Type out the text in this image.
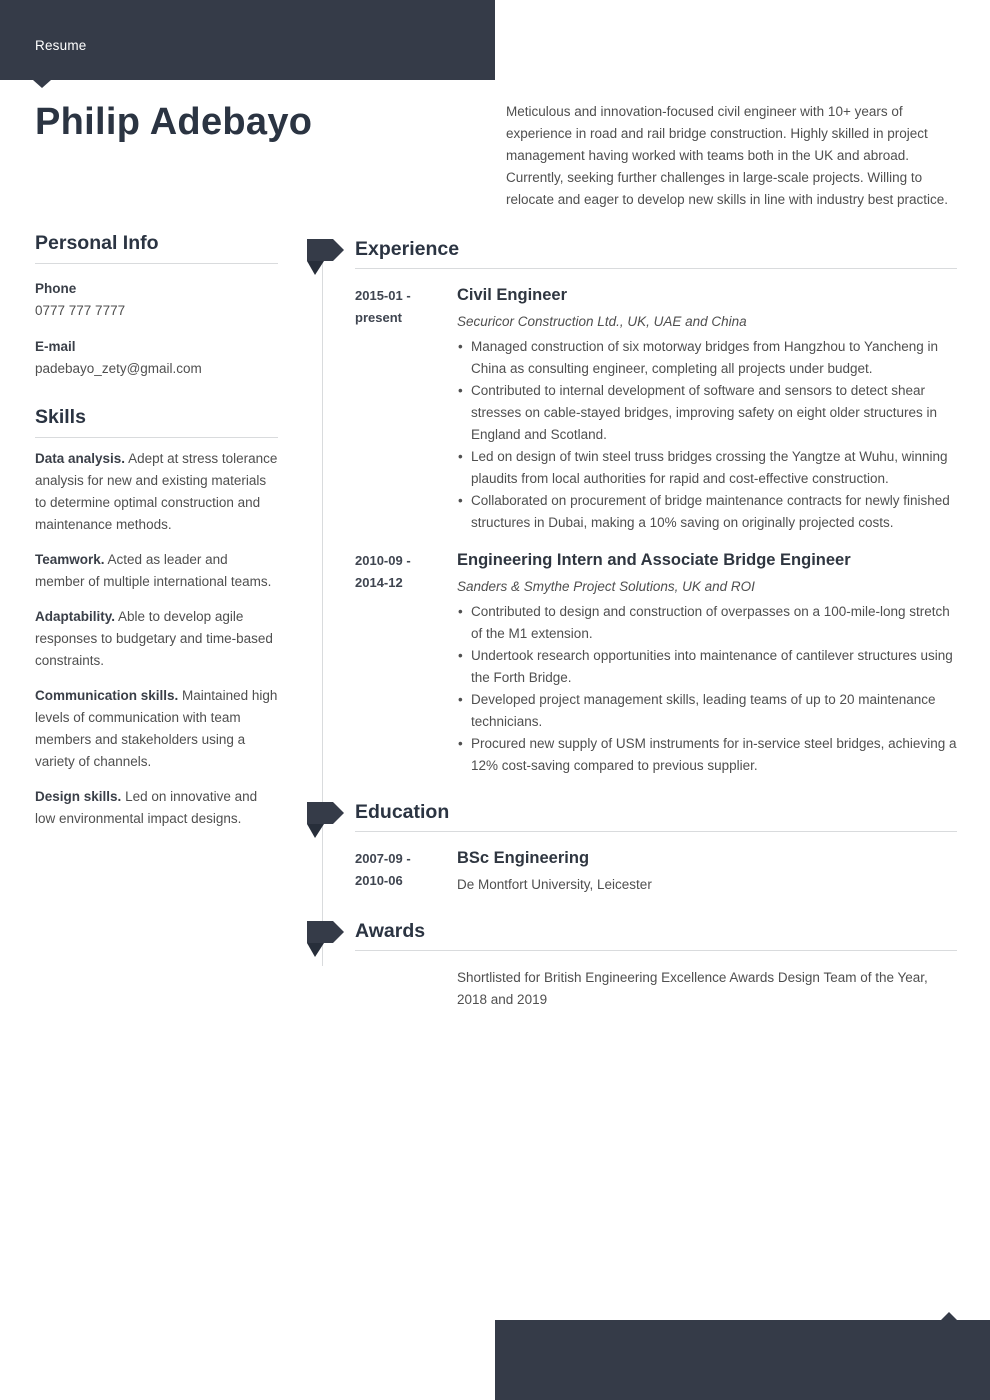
Resume
Philip Adebayo	Meticulous and innovation-focused civil engineer with 10+ years of experience in road and rail bridge construction. Highly skilled in project management having worked with teams both in the UK and abroad. Currently, seeking further challenges in large-scale projects. Willing to relocate and eager to develop new skills in line with industry best practice.

Personal Info
Phone
0777 777 7777
E-mail
padebayo_zety@gmail.com
Skills

Data analysis. Adept at stress tolerance analysis for new and existing materials to determine optimal construction and maintenance methods.

Teamwork. Acted as leader and member of multiple international teams.

Adaptability. Able to develop agile responses to budgetary and time-based constraints.

Communication skills. Maintained high levels of communication with team members and stakeholders using a variety of channels.

Design skills. Led on innovative and low environmental impact designs.

Experience
2015-01 -
present
Civil Engineer

Securicor Construction Ltd., UK, UAE and China

• Managed construction of six motorway bridges from Hangzhou to Yancheng in China as consulting engineer, completing all projects under budget.
• Contributed to internal development of software and sensors to detect shear stresses on cable-stayed bridges, improving safety on eight older structures in England and Scotland.
• Led on design of twin steel truss bridges crossing the Yangtze at Wuhu, winning plaudits from local authorities for rapid and cost-effective construction.
• Collaborated on procurement of bridge maintenance contracts for newly finished structures in Dubai, making a 10% saving on originally projected costs.
2010-09 -
2014-12
Engineering Intern and Associate Bridge Engineer

Sanders & Smythe Project Solutions, UK and ROI

• Contributed to design and construction of overpasses on a 100-mile-long stretch of the M1 extension.
• Undertook research opportunities into maintenance of cantilever structures using the Forth Bridge.
• Developed project management skills, leading teams of up to 20 maintenance technicians.
• Procured new supply of USM instruments for in-service steel bridges, achieving a 12% cost-saving compared to previous supplier.
Education
2007-09 -
2010-06
BSc Engineering

De Montfort University, Leicester

Awards

Shortlisted for British Engineering Excellence Awards Design Team of the Year, 2018 and 2019
